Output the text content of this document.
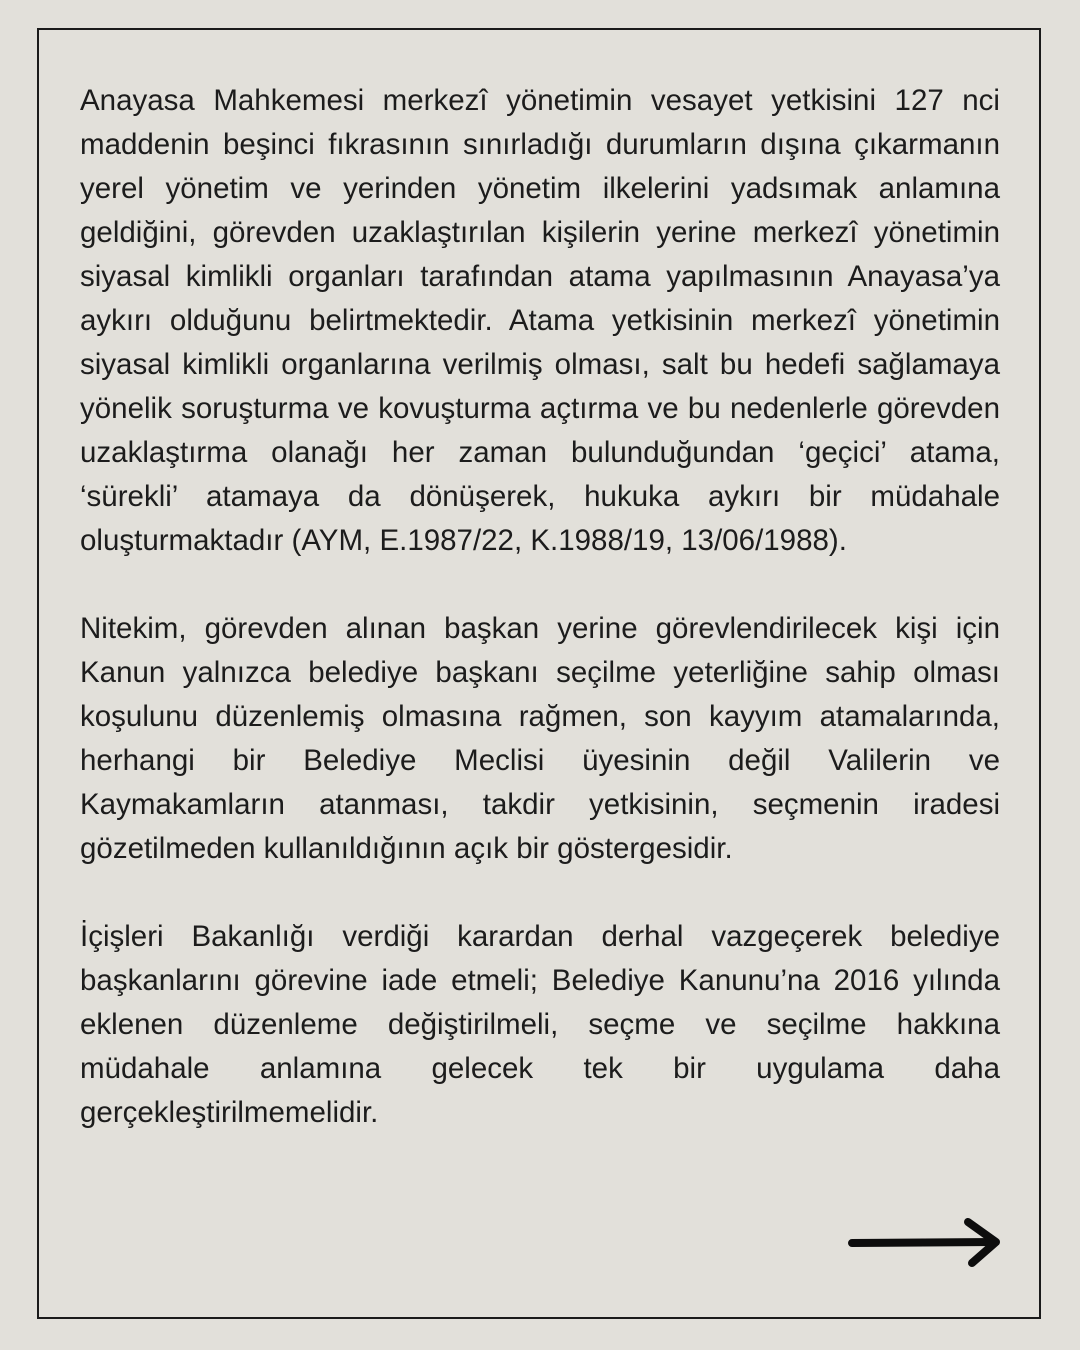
Anayasa Mahkemesi merkezî yönetimin vesayet yetkisini 127 nci maddenin beşinci fıkrasının sınırladığı durumların dışına çıkarmanın yerel yönetim ve yerinden yönetim ilkelerini yadsımak anlamına geldiğini, görevden uzaklaştırılan kişilerin yerine merkezî yönetimin siyasal kimlikli organları tarafından atama yapılmasının Anayasa’ya aykırı olduğunu belirtmektedir. Atama yetkisinin merkezî yönetimin siyasal kimlikli organlarına verilmiş olması, salt bu hedefi sağlamaya yönelik soruşturma ve kovuşturma açtırma ve bu nedenlerle görevden uzaklaştırma olanağı her zaman bulunduğundan ‘geçici’ atama, ‘sürekli’ atamaya da dönüşerek, hukuka aykırı bir müdahale oluşturmaktadır (AYM, E.1987/22, K.1988/19, 13/06/1988).

Nitekim, görevden alınan başkan yerine görevlendirilecek kişi için Kanun yalnızca belediye başkanı seçilme yeterliğine sahip olması koşulunu düzenlemiş olmasına rağmen, son kayyım atamalarında, herhangi bir Belediye Meclisi üyesinin değil Valilerin ve Kaymakamların atanması, takdir yetkisinin, seçmenin iradesi gözetilmeden kullanıldığının açık bir göstergesidir.

İçişleri Bakanlığı verdiği karardan derhal vazgeçerek belediye başkanlarını görevine iade etmeli; Belediye Kanunu’na 2016 yılında eklenen düzenleme değiştirilmeli, seçme ve seçilme hakkına müdahale anlamına gelecek tek bir uygulama daha gerçekleştirilmemelidir.
